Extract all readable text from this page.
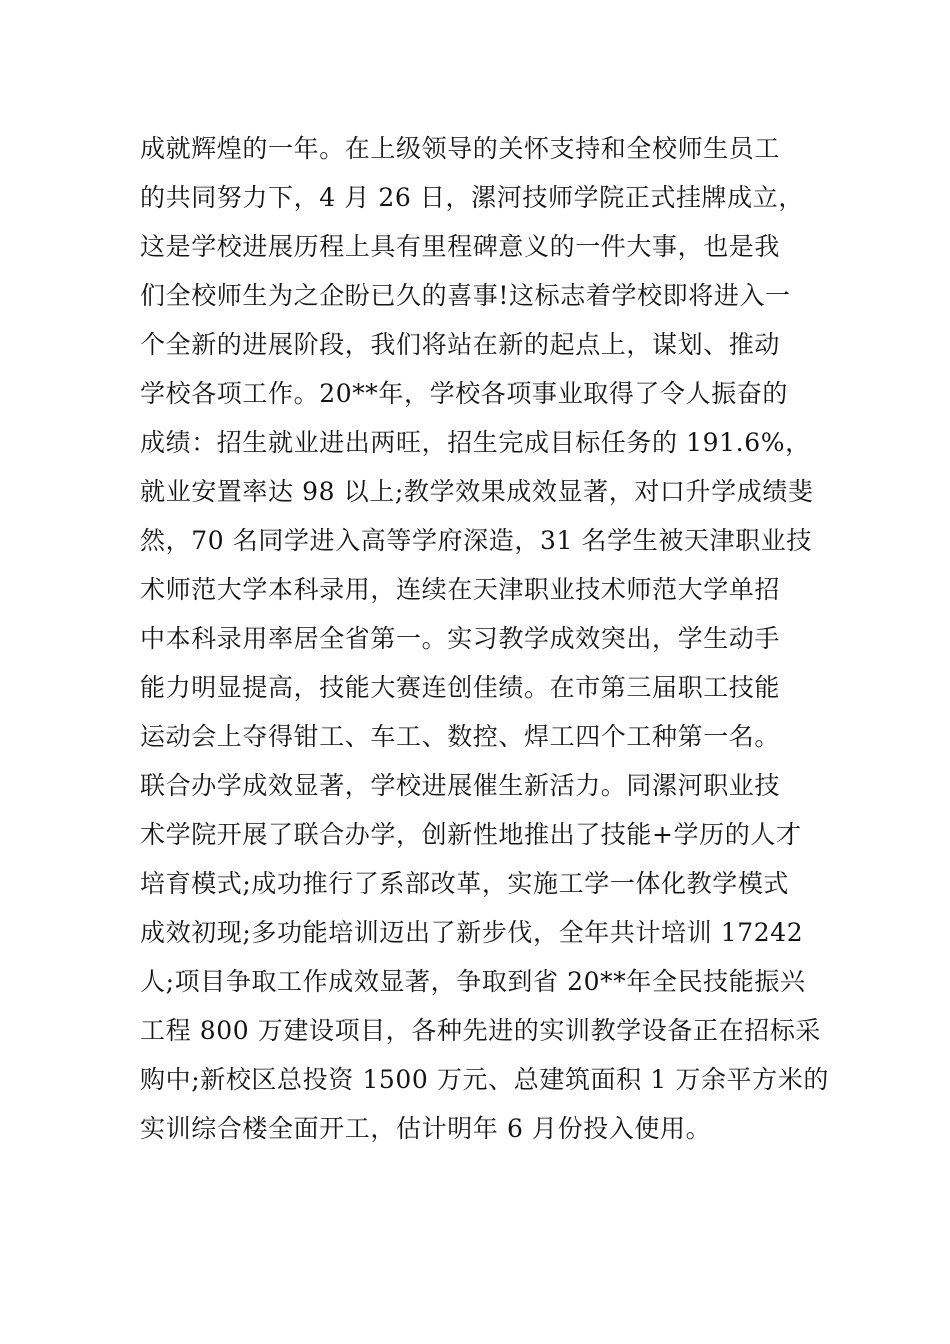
成就辉煌的一年。在上级领导的关怀支持和全校师生员工
的共同努力下，4 月 26 日，漯河技师学院正式挂牌成立，
这是学校进展历程上具有里程碑意义的一件大事，也是我
们全校师生为之企盼已久的喜事!这标志着学校即将进入一
个全新的进展阶段，我们将站在新的起点上，谋划、推动
学校各项工作。20**年，学校各项事业取得了令人振奋的
成绩：招生就业进出两旺，招生完成目标任务的 191.6%，
就业安置率达 98 以上;教学效果成效显著，对口升学成绩斐
然，70 名同学进入高等学府深造，31 名学生被天津职业技
术师范大学本科录用，连续在天津职业技术师范大学单招
中本科录用率居全省第一。实习教学成效突出，学生动手
能力明显提高，技能大赛连创佳绩。在市第三届职工技能
运动会上夺得钳工、车工、数控、焊工四个工种第一名。
联合办学成效显著，学校进展催生新活力。同漯河职业技
术学院开展了联合办学，创新性地推出了技能+学历的人才
培育模式;成功推行了系部改革，实施工学一体化教学模式
成效初现;多功能培训迈出了新步伐，全年共计培训 17242
人;项目争取工作成效显著，争取到省 20**年全民技能振兴
工程 800 万建设项目，各种先进的实训教学设备正在招标采
购中;新校区总投资 1500 万元、总建筑面积 1 万余平方米的
实训综合楼全面开工，估计明年 6 月份投入使用。
